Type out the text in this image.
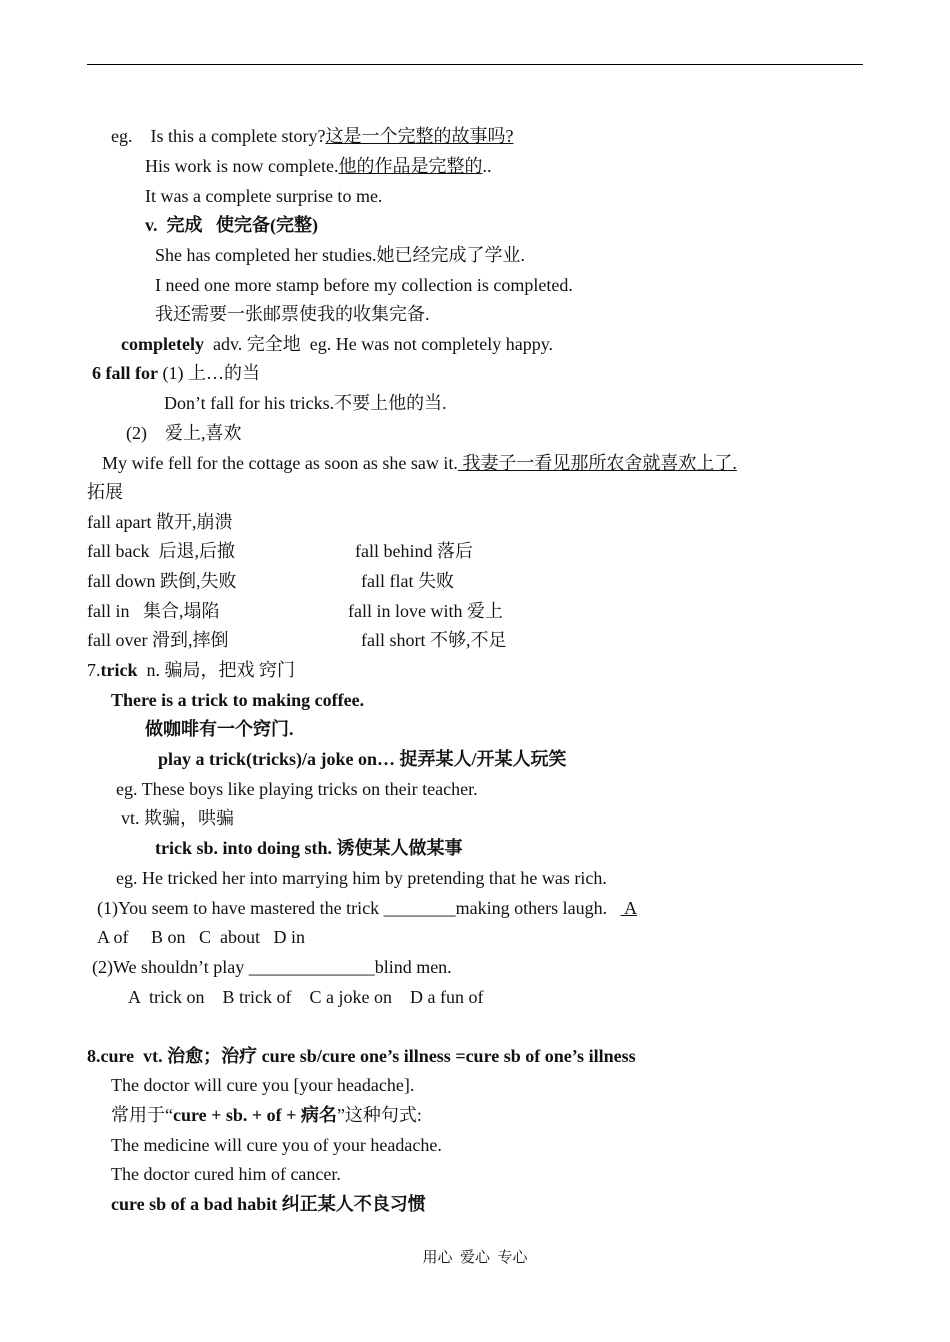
eg.    Is this a complete story?这是一个完整的故事吗?
His work is now complete.他的作品是完整的..
It was a complete surprise to me.
v.  完成   使完备(完整)
She has completed her studies.她已经完成了学业.
I need one more stamp before my collection is completed.
我还需要一张邮票使我的收集完备.
completely  adv. 完全地  eg. He was not completely happy.
6 fall for (1) 上…的当
Don’t fall for his tricks.不要上他的当.
(2)    爱上,喜欢
My wife fell for the cottage as soon as she saw it. 我妻子一看见那所农舍就喜欢上了.
拓展
fall apart 散开,崩溃
fall back  后退,后撤	fall behind 落后
fall down 跌倒,失败	fall flat 失败
fall in   集合,塌陷	fall in love with 爱上
fall over 滑到,摔倒	fall short 不够,不足
7.trick  n. 骗局，把戏 窍门
There is a trick to making coffee.
做咖啡有一个窍门.
play a trick(tricks)/a joke on… 捉弄某人/开某人玩笑
eg. These boys like playing tricks on their teacher.
vt. 欺骗，哄骗
trick sb. into doing sth. 诱使某人做某事
eg. He tricked her into marrying him by pretending that he was rich.
(1)You seem to have mastered the trick ________making others laugh.    A
A of     B on   C  about   D in
(2)We shouldn’t play ______________blind men.
A  trick on    B trick of    C a joke on    D a fun of
8.cure  vt. 治愈；治疗 cure sb/cure one’s illness =cure sb of one’s illness
The doctor will cure you [your headache].
常用于“cure + sb. + of + 病名”这种句式:
The medicine will cure you of your headache.
The doctor cured him of cancer.
cure sb of a bad habit 纠正某人不良习惯
用心  爱心  专心
